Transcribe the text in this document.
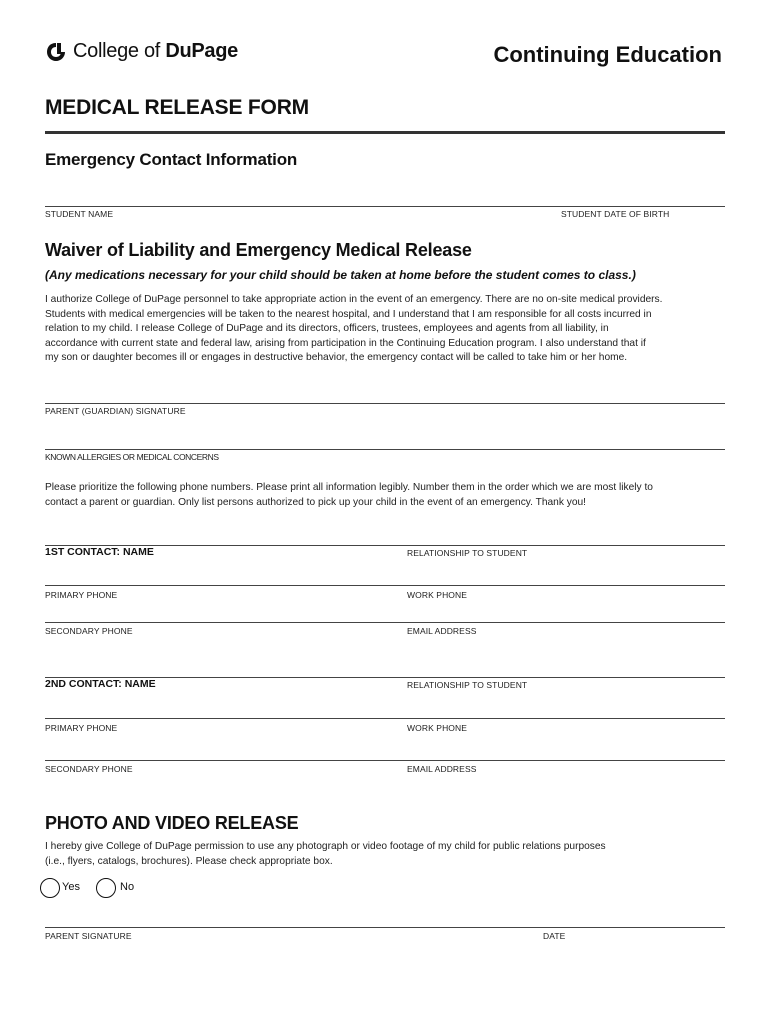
College of DuPage	Continuing Education
MEDICAL RELEASE FORM
Emergency Contact Information
STUDENT NAME	STUDENT DATE OF BIRTH
Waiver of Liability and Emergency Medical Release
(Any medications necessary for your child should be taken at home before the student comes to class.)
I authorize College of DuPage personnel to take appropriate action in the event of an emergency. There are no on-site medical providers.
Students with medical emergencies will be taken to the nearest hospital, and I understand that I am responsible for all costs incurred in
relation to my child. I release College of DuPage and its directors, officers, trustees, employees and agents from all liability, in
accordance with current state and federal law, arising from participation in the Continuing Education program. I also understand that if
my son or daughter becomes ill or engages in destructive behavior, the emergency contact will be called to take him or her home.
PARENT (GUARDIAN) SIGNATURE
KNOWN ALLERGIES OR MEDICAL CONCERNS
Please prioritize the following phone numbers. Please print all information legibly. Number them in the order which we are most likely to
contact a parent or guardian. Only list persons authorized to pick up your child in the event of an emergency. Thank you!
1ST CONTACT: NAME	RELATIONSHIP TO STUDENT
PRIMARY PHONE	WORK PHONE
SECONDARY PHONE	EMAIL ADDRESS
2ND CONTACT: NAME	RELATIONSHIP TO STUDENT
PRIMARY PHONE	WORK PHONE
SECONDARY PHONE	EMAIL ADDRESS
PHOTO AND VIDEO RELEASE
I hereby give College of DuPage permission to use any photograph or video footage of my child for public relations purposes
(i.e., flyers, catalogs, brochures). Please check appropriate box.
Yes	No
PARENT SIGNATURE	DATE
